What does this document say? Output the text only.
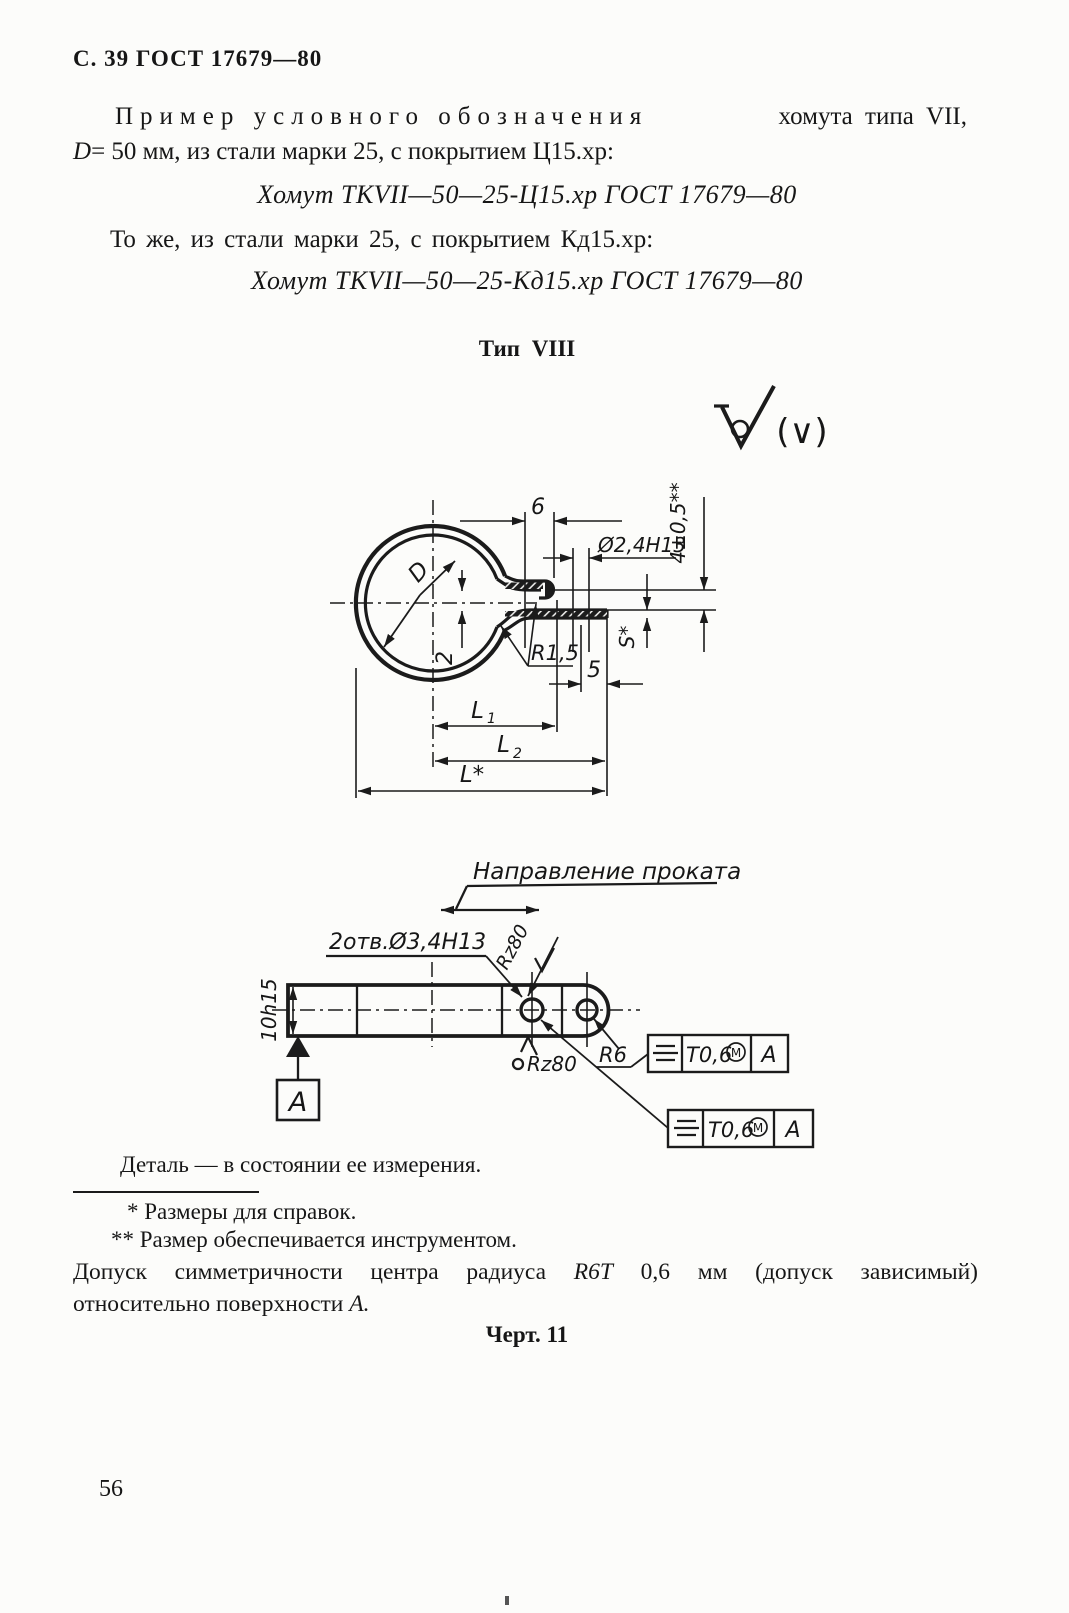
С. 39 ГОСТ 17679—80
Пример условного обозначения	хомута типа VII,
D= 50 мм, из стали марки 25, с покрытием Ц15.хр:
Хомут ТКVII—50—25-Ц15.хр ГОСТ 17679—80
То же, из стали марки 25, с покрытием Кд15.хр:
Хомут ТКVII—50—25-Кд15.хр ГОСТ 17679—80
Тип VIII
(∨)
6
Ø2,4Н13
4±0,5**
S*
5
R1,5
D
2
L 1
L 2
L*
Направление проката
10h15
А
2отв.Ø3,4Н13 Rz80
Rz80 R6	T0,6
М А
T0,6
М А
Деталь — в состоянии ее измерения.
* Размеры для справок.
** Размер обеспечивается инструментом.
Допуск симметричности центра радиуса R6T 0,6 мм (допуск зависимый)
относительно поверхности А.
Черт. 11
56
